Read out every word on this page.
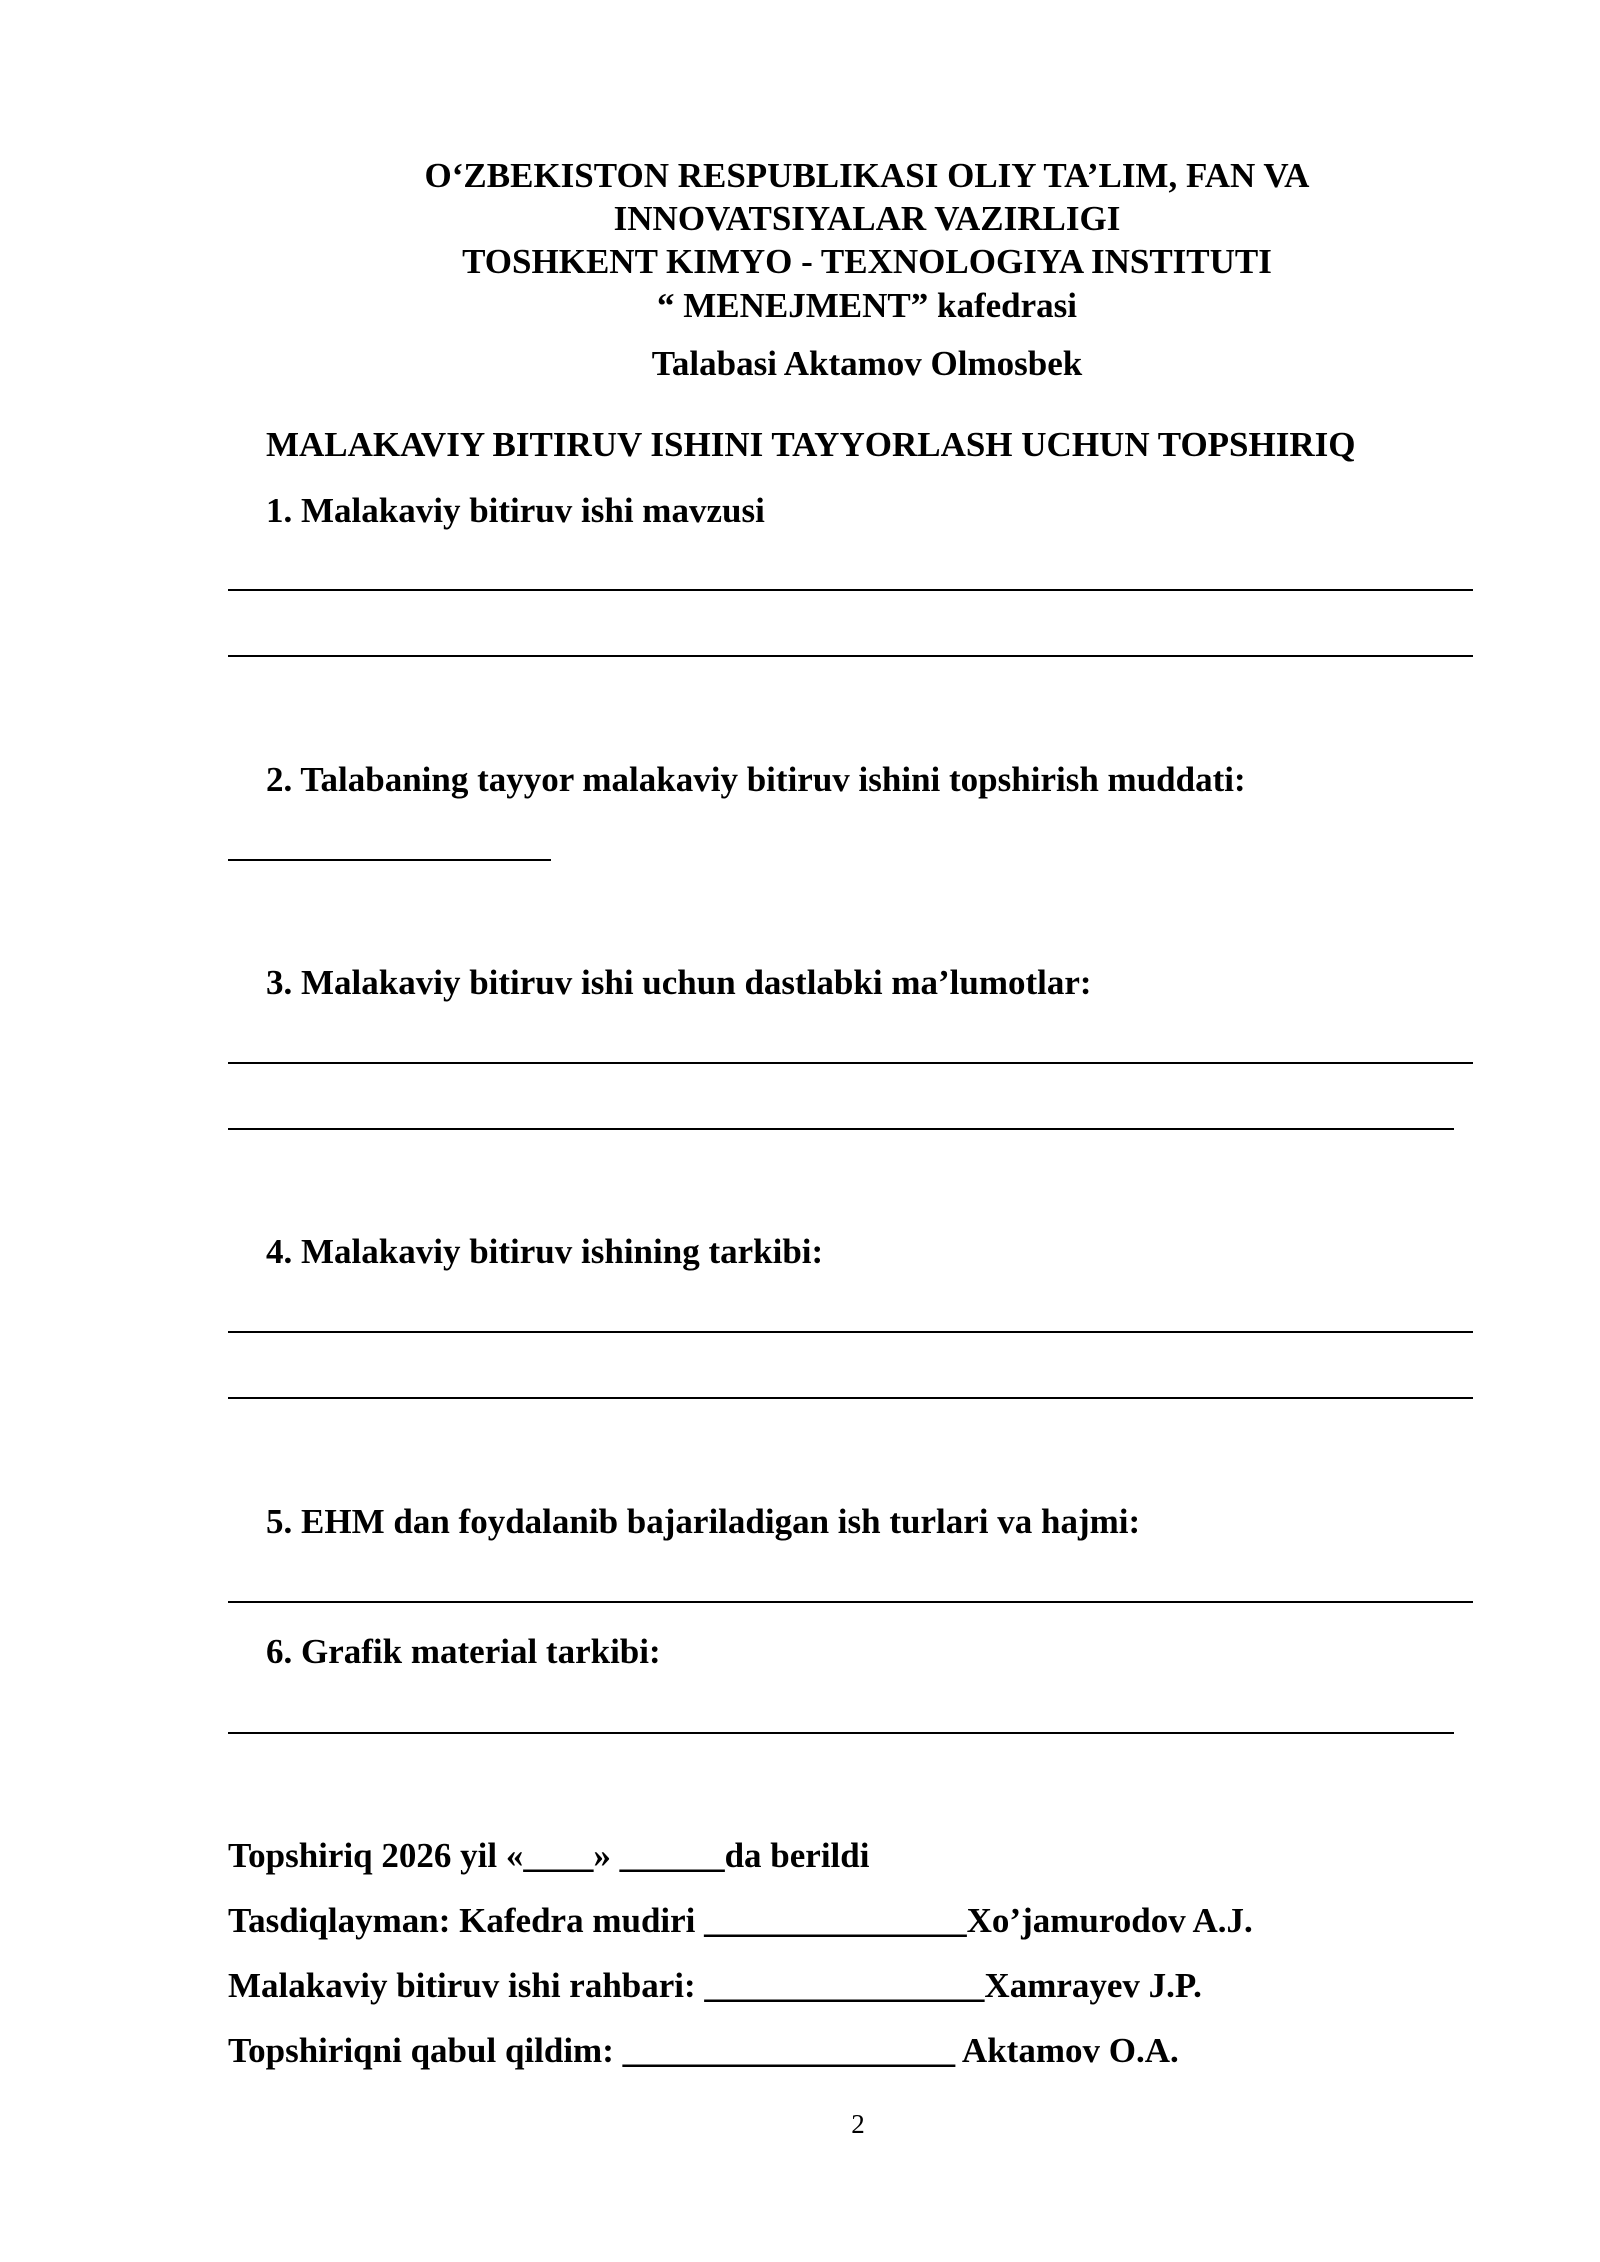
O‘ZBEKISTON RESPUBLIKASI OLIY TA’LIM, FAN VA
INNOVATSIYALAR VAZIRLIGI
TOSHKENT KIMYO - TEXNOLOGIYA INSTITUTI
“ MENEJMENT” kafedrasi
Talabasi Aktamov Olmosbek
MALAKAVIY BITIRUV ISHINI TAYYORLASH UCHUN TOPSHIRIQ
1. Malakaviy bitiruv ishi mavzusi
2. Talabaning tayyor malakaviy bitiruv ishini topshirish muddati:
3. Malakaviy bitiruv ishi uchun dastlabki ma’lumotlar:
4. Malakaviy bitiruv ishining tarkibi:
5. EHM dan foydalanib bajariladigan ish turlari va hajmi:
6. Grafik material tarkibi:
Topshiriq 2026 yil «____» ______da berildi
Tasdiqlayman: Kafedra mudiri _______________Xo’jamurodov A.J.
Malakaviy bitiruv ishi rahbari: ________________Xamrayev J.P.
Topshiriqni qabul qildim: ___________________ Aktamov O.A.
2
